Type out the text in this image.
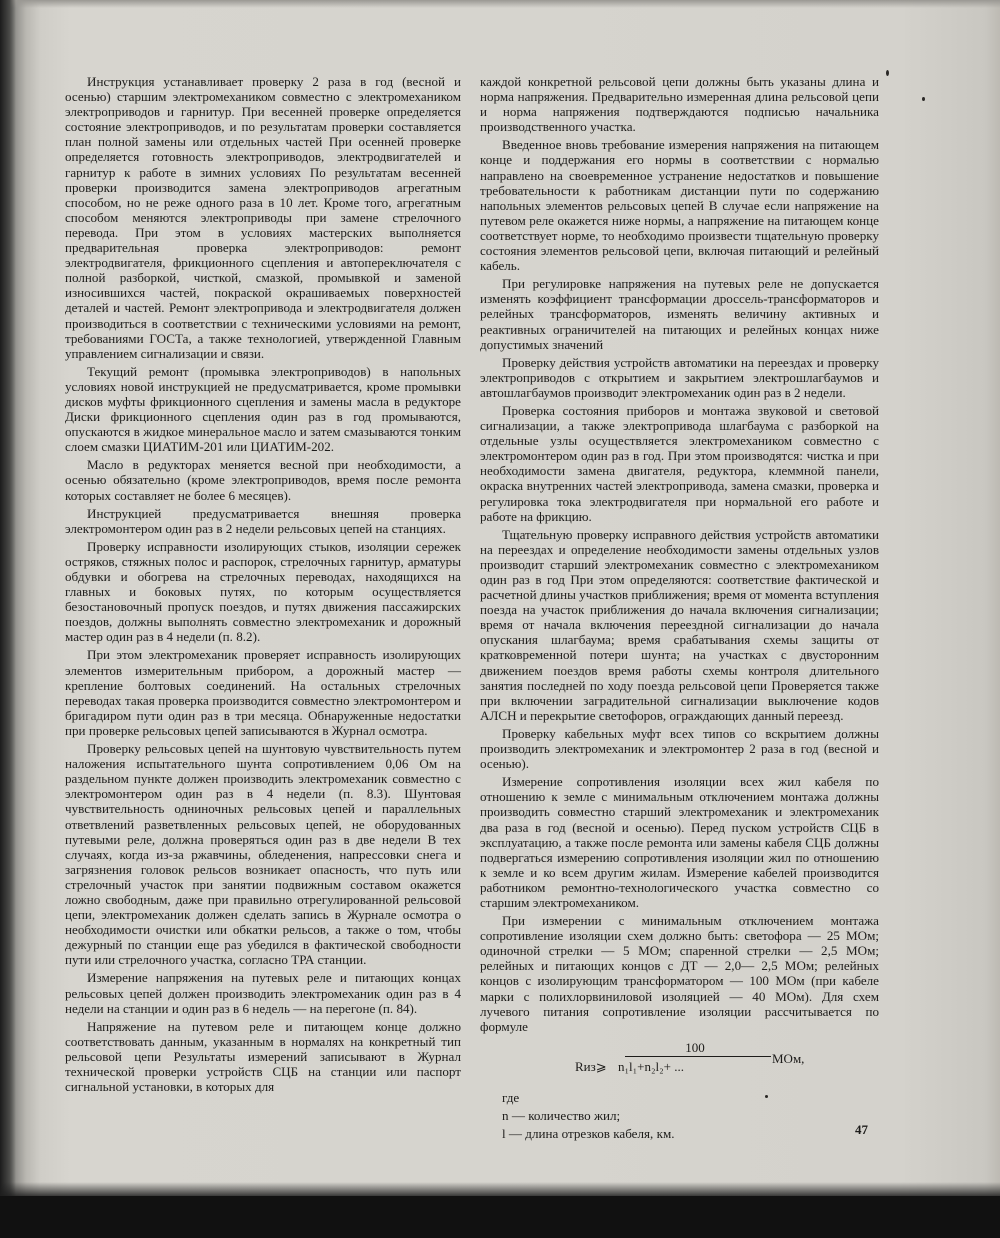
Инструкция устанавливает проверку 2 раза в год (весной и осенью) старшим электромехаником совместно с электромехаником электроприводов и гарнитур. При весенней проверке определяется состояние электроприводов, и по результатам проверки составляется план полной замены или отдельных частей При осенней проверке определяется готовность электроприводов, электродвигателей и гарнитур к работе в зимних условиях По результатам весенней проверки производится замена электроприводов агрегатным способом, но не реже одного раза в 10 лет. Кроме того, агрегатным способом меняются электроприводы при замене стрелочного перевода. При этом в условиях мастерских выполняется предварительная проверка электроприводов: ремонт электродвигателя, фрикционного сцепления и автопереключателя с полной разборкой, чисткой, смазкой, промывкой и заменой износившихся частей, покраской окрашиваемых поверхностей деталей и частей. Ремонт электропривода и электродвигателя должен производиться в соответствии с техническими условиями на ремонт, требованиями ГОСТа, а также технологией, утвержденной Главным управлением сигнализации и связи.

Текущий ремонт (промывка электроприводов) в напольных условиях новой инструкцией не предусматривается, кроме промывки дисков муфты фрикционного сцепления и замены масла в редукторе Диски фрикционного сцепления один раз в год промываются, опускаются в жидкое минеральное масло и затем смазываются тонким слоем смазки ЦИАТИМ-201 или ЦИАТИМ-202.

Масло в редукторах меняется весной при необходимости, а осенью обязательно (кроме электроприводов, время после ремонта которых составляет не более 6 месяцев).

Инструкцией предусматривается внешняя проверка электромонтером один раз в 2 недели рельсовых цепей на станциях.

Проверку исправности изолирующих стыков, изоляции сережек остряков, стяжных полос и распорок, стрелочных гарнитур, арматуры обдувки и обогрева на стрелочных переводах, находящихся на главных и боковых путях, по которым осуществляется безостановочный пропуск поездов, и путях движения пассажирских поездов, должны выполнять совместно электромеханик и дорожный мастер один раз в 4 недели (п. 8.2).

При этом электромеханик проверяет исправность изолирующих элементов измерительным прибором, а дорожный мастер — крепление болтовых соединений. На остальных стрелочных переводах такая проверка производится совместно электромонтером и бригадиром пути один раз в три месяца. Обнаруженные недостатки при проверке рельсовых цепей записываются в Журнал осмотра.

Проверку рельсовых цепей на шунтовую чувствительность путем наложения испытательного шунта сопротивлением 0,06 Ом на раздельном пункте должен производить электромеханик совместно с электромонтером один раз в 4 недели (п. 8.3). Шунтовая чувствительность одниночных рельсовых цепей и параллельных ответвлений разветвленных рельсовых цепей, не оборудованных путевыми реле, должна проверяться один раз в две недели В тех случаях, когда из-за ржавчины, обледенения, напрессовки снега и загрязнения головок рельсов возникает опасность, что путь или стрелочный участок при занятии подвижным составом окажется ложно свободным, даже при правильно отрегулированной рельсовой цепи, электромеханик должен сделать запись в Журнале осмотра о необходимости очистки или обкатки рельсов, а также о том, чтобы дежурный по станции еще раз убедился в фактической свободности пути или стрелочного участка, согласно ТРА станции.

Измерение напряжения на путевых реле и питающих концах рельсовых цепей должен производить электромеханик один раз в 4 недели на станции и один раз в 6 недель — на перегоне (п. 84).

Напряжение на путевом реле и питающем конце должно соответствовать данным, указанным в нормалях на конкретный тип рельсовой цепи Результаты измерений записывают в Журнал технической проверки устройств СЦБ на станции или паспорт сигнальной установки, в которых для

каждой конкретной рельсовой цепи должны быть указаны длина и норма напряжения. Предварительно измеренная длина рельсовой цепи и норма напряжения подтверждаются подписью начальника производственного участка.

Введенное вновь требование измерения напряжения на питающем конце и поддержания его нормы в соответствии с нормалью направлено на своевременное устранение недостатков и повышение требовательности к работникам дистанции пути по содержанию напольных элементов рельсовых цепей В случае если напряжение на путевом реле окажется ниже нормы, а напряжение на питающем конце соответствует норме, то необходимо произвести тщательную проверку состояния элементов рельсовой цепи, включая питающий и релейный кабель.

При регулировке напряжения на путевых реле не допускается изменять коэффициент трансформации дроссель-трансформаторов и релейных трансформаторов, изменять величину активных и реактивных ограничителей на питающих и релейных концах ниже допустимых значений

Проверку действия устройств автоматики на переездах и проверку электроприводов с открытием и закрытием электрошлагбаумов и автошлагбаумов производит электромеханик один раз в 2 недели.

Проверка состояния приборов и монтажа звуковой и световой сигнализации, а также электропривода шлагбаума с разборкой на отдельные узлы осуществляется электромехаником совместно с электромонтером один раз в год. При этом производятся: чистка и при необходимости замена двигателя, редуктора, клеммной панели, окраска внутренних частей электропривода, замена смазки, проверка и регулировка тока электродвигателя при нормальной его работе и работе на фрикцию.

Тщательную проверку исправного действия устройств автоматики на переездах и определение необходимости замены отдельных узлов производит старший электромеханик совместно с электромехаником один раз в год При этом определяются: соответствие фактической и расчетной длины участков приближения; время от момента вступления поезда на участок приближения до начала включения сигнализации; время от начала включения переездной сигнализации до начала опускания шлагбаума; время срабатывания схемы защиты от кратковременной потери шунта; на участках с двусторонним движением поездов время работы схемы контроля длительного занятия последней по ходу поезда рельсовой цепи Проверяется также при включении заградительной сигнализации выключение кодов АЛСН и перекрытие светофоров, ограждающих данный переезд.

Проверку кабельных муфт всех типов со вскрытием должны производить электромеханик и электромонтер 2 раза в год (весной и осенью).

Измерение сопротивления изоляции всех жил кабеля по отношению к земле с минимальным отключением монтажа должны производить совместно старший электромеханик и электромеханик два раза в год (весной и осенью). Перед пуском устройств СЦБ в эксплуатацию, а также после ремонта или замены кабеля СЦБ должны подвергаться измерению сопротивления изоляции жил по отношению к земле и ко всем другим жилам. Измерение кабелей производится работником ремонтно-технологического участка совместно со старшим электромехаником.

При измерении с минимальным отключением монтажа сопротивление изоляции схем должно быть: светофора — 25 МОм; одиночной стрелки — 5 МОм; спаренной стрелки — 2,5 МОм; релейных и питающих концов с ДТ — 2,0— 2,5 МОм; релейных концов с изолирующим трансформатором — 100 МОм (при кабеле марки с полихлорвиниловой изоляцией — 40 МОм). Для схем лучевого питания сопротивление изоляции рассчитывается по формуле

Rиз⩾
100
n₁l₁+n₂l₂+ ...
МОм,

где

n — количество жил;

l — длина отрезков кабеля, км.	47
